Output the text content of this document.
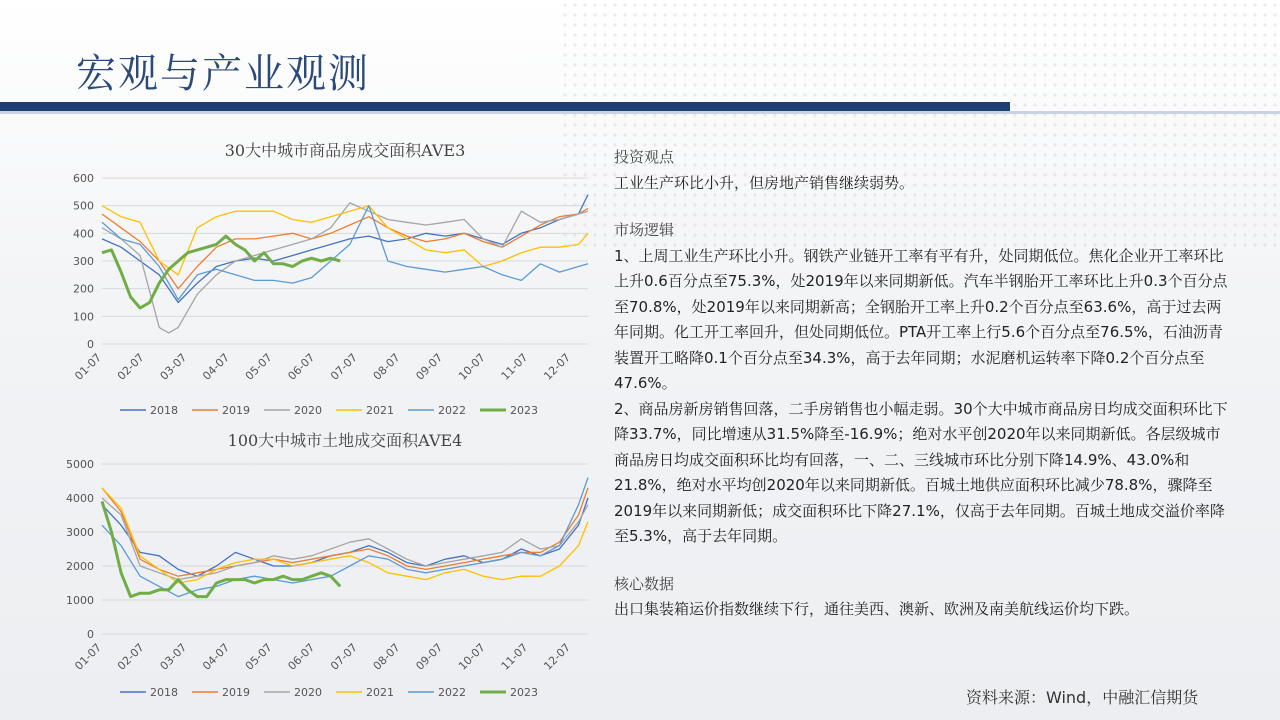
宏观与产业观测
30大中城市商品房成交面积AVE3
0
100
200
300
400
500
600
01-07 02-07 03-07 04-07 05-07 06-07 07-07 08-07 09-07 10-07 11-07 12-07
2018	2019	2020	2021	2022	2023
100大中城市土地成交面积AVE4
0
1000
2000
3000
4000
5000
01-07 02-07 03-07 04-07 05-07 06-07 07-07 08-07 09-07 10-07 11-07 12-07
2018	2019	2020	2021	2022	2023

投资观点

工业生产环比小升，但房地产销售继续弱势。

市场逻辑

1、上周工业生产环比小升。钢铁产业链开工率有平有升，处同期低位。焦化企业开工率环比上升0.6百分点至75.3%，处2019年以来同期新低。汽车半钢胎开工率环比上升0.3个百分点至70.8%，处2019年以来同期新高；全钢胎开工率上升0.2个百分点至63.6%，高于过去两年同期。化工开工率回升，但处同期低位。PTA开工率上行5.6个百分点至76.5%，石油沥青装置开工略降0.1个百分点至34.3%，高于去年同期；水泥磨机运转率下降0.2个百分点至47.6%。

2、商品房新房销售回落，二手房销售也小幅走弱。30个大中城市商品房日均成交面积环比下降33.7%，同比增速从31.5%降至-16.9%；绝对水平创2020年以来同期新低。各层级城市商品房日均成交面积环比均有回落，一、二、三线城市环比分别下降14.9%、43.0%和21.8%，绝对水平均创2020年以来同期新低。百城土地供应面积环比减少78.8%，骤降至2019年以来同期新低；成交面积环比下降27.1%，仅高于去年同期。百城土地成交溢价率降至5.3%，高于去年同期。

核心数据

出口集装箱运价指数继续下行，通往美西、澳新、欧洲及南美航线运价均下跌。

资料来源：Wind，中融汇信期货
